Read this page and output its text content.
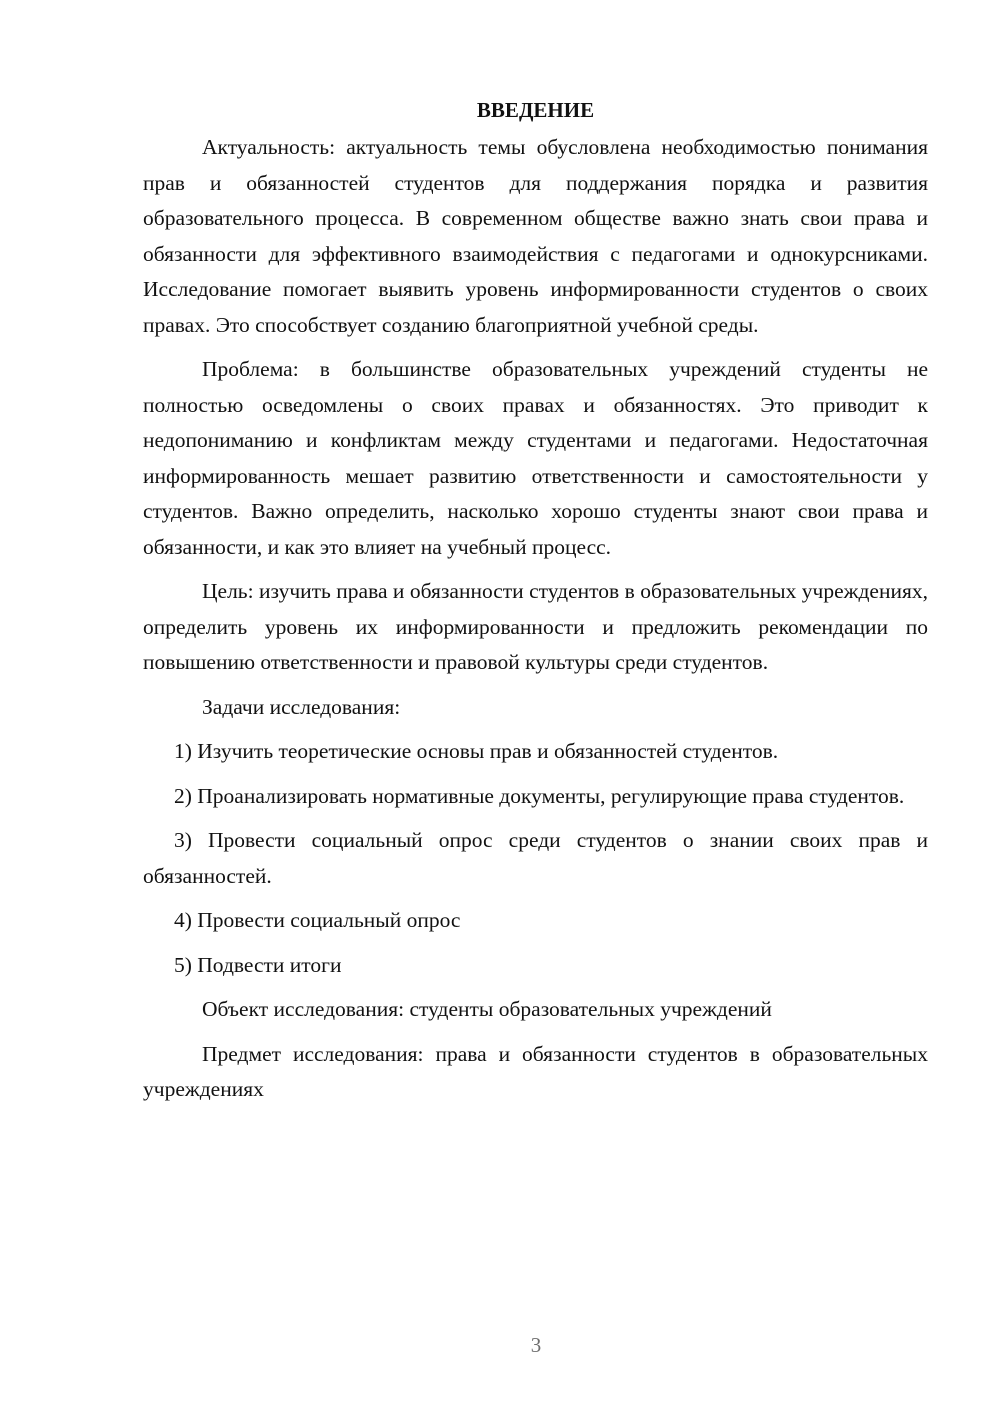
ВВЕДЕНИЕ

Актуальность: актуальность темы обусловлена необходимостью понимания прав и обязанностей студентов для поддержания порядка и развития образовательного процесса. В современном обществе важно знать свои права и обязанности для эффективного взаимодействия с педагогами и однокурсниками. Исследование помогает выявить уровень информированности студентов о своих правах. Это способствует созданию благоприятной учебной среды.

Проблема: в большинстве образовательных учреждений студенты не полностью осведомлены о своих правах и обязанностях. Это приводит к недопониманию и конфликтам между студентами и педагогами. Недостаточная информированность мешает развитию ответственности и самостоятельности у студентов. Важно определить, насколько хорошо студенты знают свои права и обязанности, и как это влияет на учебный процесс.

Цель: изучить права и обязанности студентов в образовательных учреждениях, определить уровень их информированности и предложить рекомендации по повышению ответственности и правовой культуры среди студентов.

Задачи исследования:

1) Изучить теоретические основы прав и обязанностей студентов.

2) Проанализировать нормативные документы, регулирующие права студентов.

3) Провести социальный опрос среди студентов о знании своих прав и обязанностей.

4) Провести социальный опрос

5) Подвести итоги

Объект исследования: студенты образовательных учреждений

Предмет исследования: права и обязанности студентов в образовательных учреждениях

3
